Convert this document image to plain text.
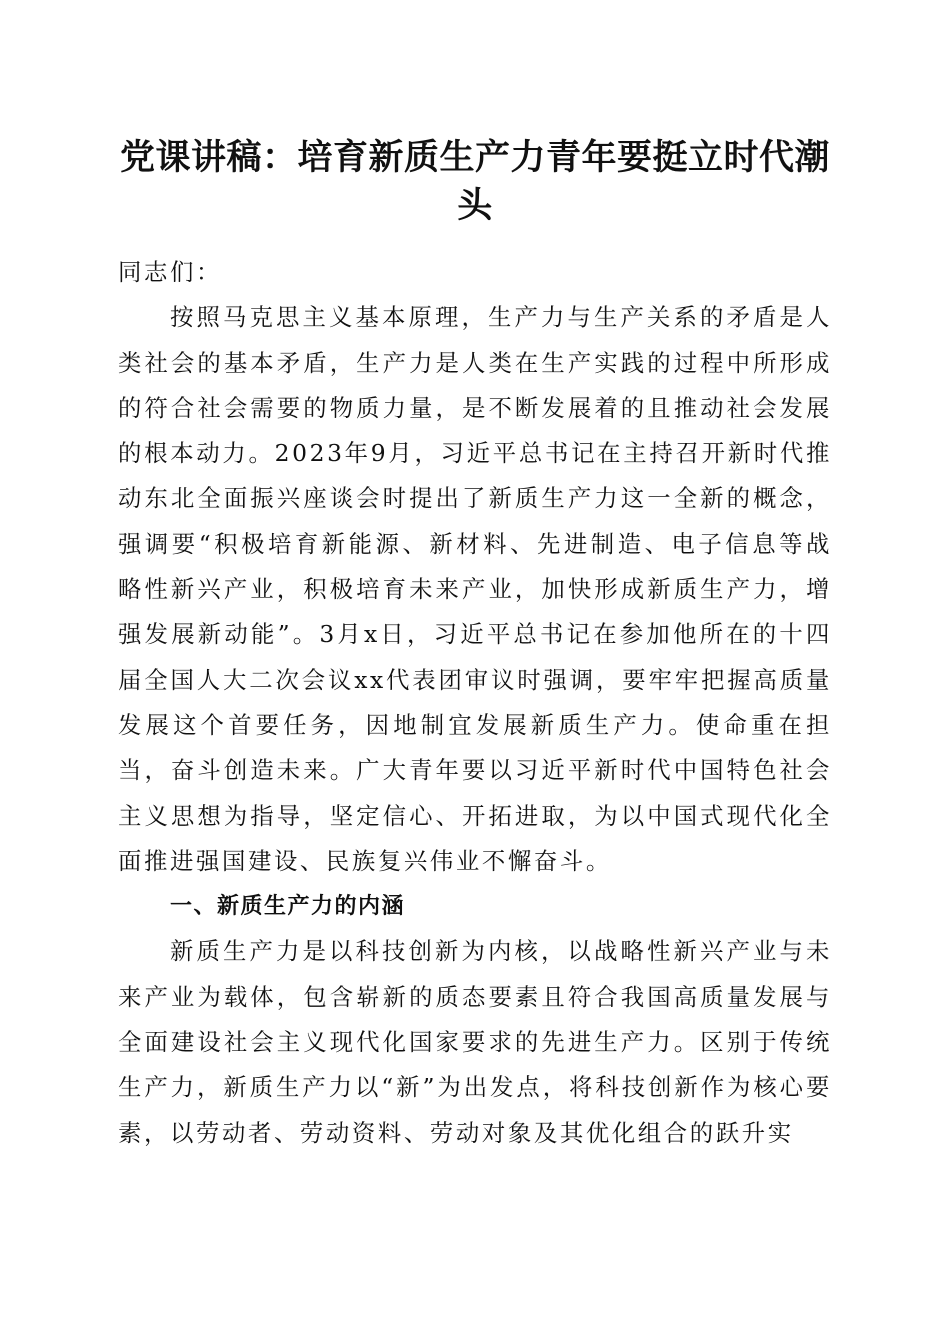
党课讲稿：培育新质生产力青年要挺立时代潮头

同志们：

按照马克思主义基本原理，生产力与生产关系的矛盾是人类社会的基本矛盾，生产力是人类在生产实践的过程中所形成的符合社会需要的物质力量，是不断发展着的且推动社会发展的根本动力。2023年9月，习近平总书记在主持召开新时代推动东北全面振兴座谈会时提出了新质生产力这一全新的概念，强调要“积极培育新能源、新材料、先进制造、电子信息等战略性新兴产业，积极培育未来产业，加快形成新质生产力，增强发展新动能”。3月x日，习近平总书记在参加他所在的十四届全国人大二次会议xx代表团审议时强调，要牢牢把握高质量发展这个首要任务，因地制宜发展新质生产力。使命重在担当，奋斗创造未来。广大青年要以习近平新时代中国特色社会主义思想为指导，坚定信心、开拓进取，为以中国式现代化全面推进强国建设、民族复兴伟业不懈奋斗。

一、新质生产力的内涵

新质生产力是以科技创新为内核，以战略性新兴产业与未来产业为载体，包含崭新的质态要素且符合我国高质量发展与全面建设社会主义现代化国家要求的先进生产力。区别于传统生产力，新质生产力以“新”为出发点，将科技创新作为核心要素，以劳动者、劳动资料、劳动对象及其优化组合的跃升实
